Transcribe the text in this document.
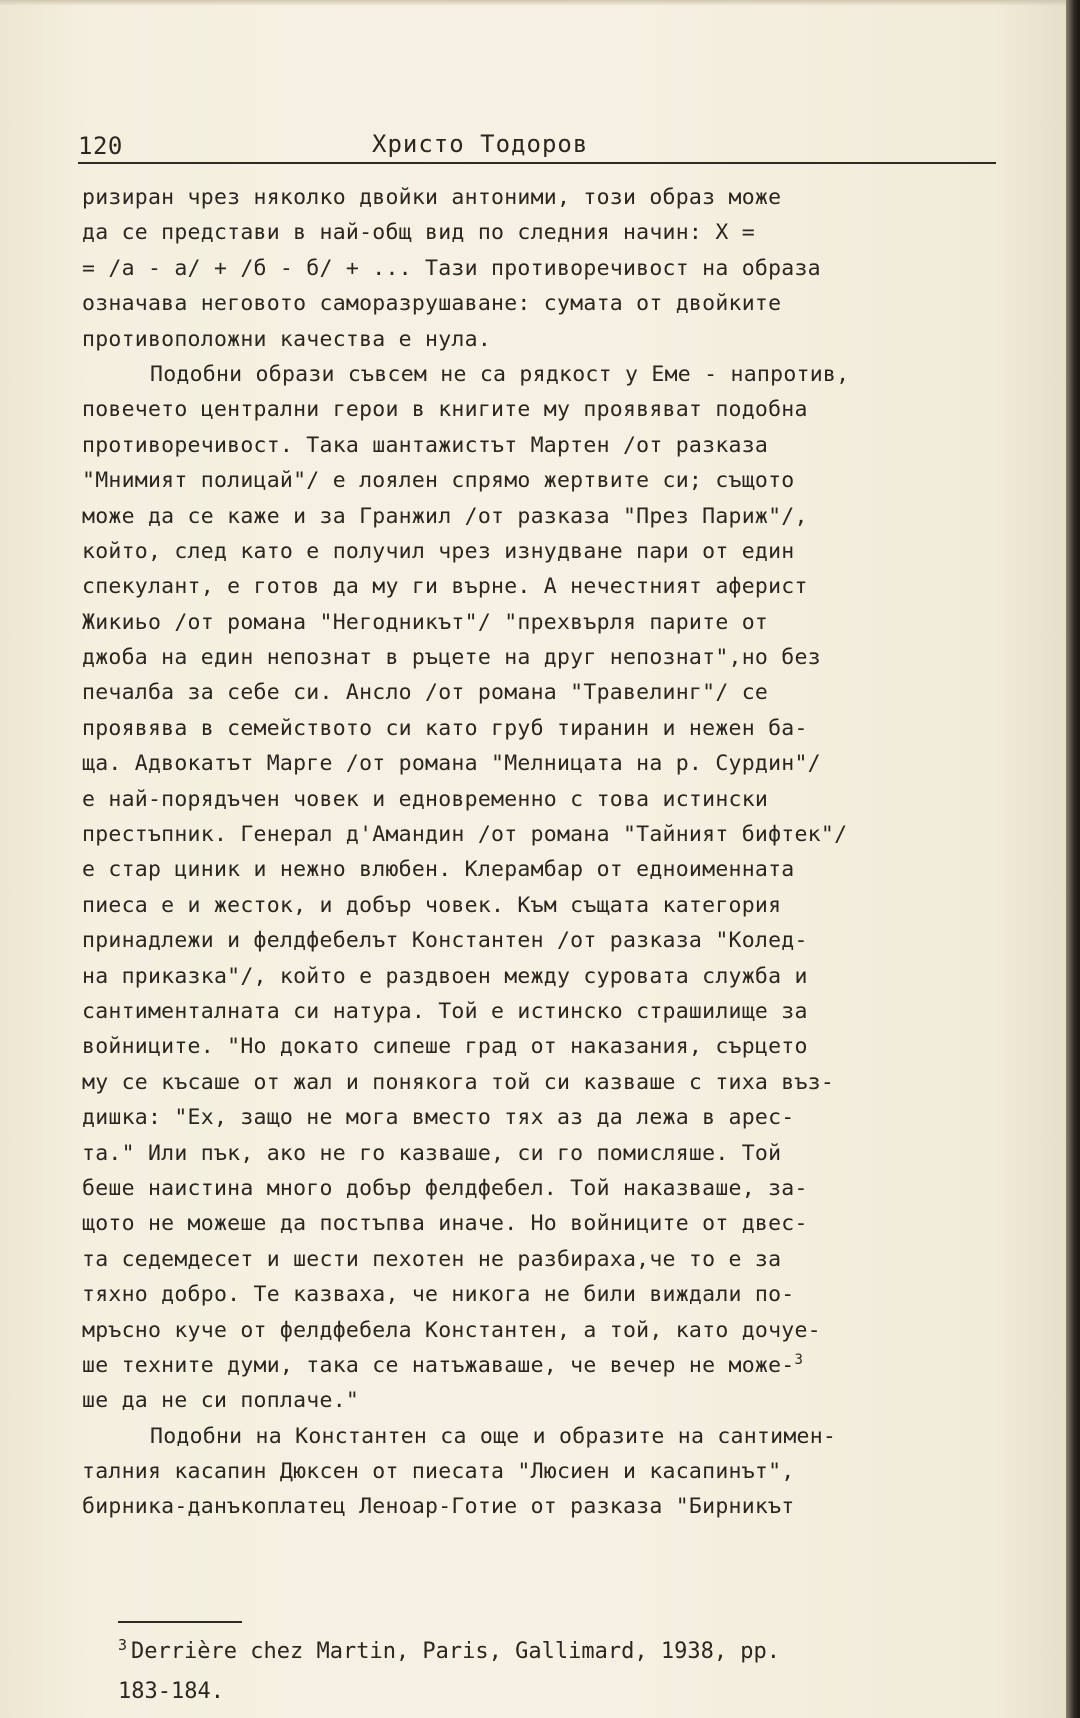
120	Христо Тодоров
ризиран чрез няколко двойки антоними, този образ може
да се представи в най-общ вид по следния начин: X =
= /а - а/ + /б - б/ + ... Тази противоречивост на образа
означава неговото саморазрушаване: сумата от двойките
противоположни качества е нула.
Подобни образи съвсем не са рядкост у Еме - напротив,
повечето централни герои в книгите му проявяват подобна
противоречивост. Така шантажистът Мартен /от разказа
"Мнимият полицай"/ е лоялен спрямо жертвите си; същото
може да се каже и за Гранжил /от разказа "През Париж"/,
който, след като е получил чрез изнудване пари от един
спекулант, е готов да му ги върне. А нечестният аферист
Жикиьо /от романа "Негодникът"/ "прехвърля парите от
джоба на един непознат в ръцете на друг непознат",но без
печалба за себе си. Ансло /от романа "Травелинг"/ се
проявява в семейството си като груб тиранин и нежен ба-
ща. Адвокатът Марге /от романа "Мелницата на р. Сурдин"/
е най-порядъчен човек и едновременно с това истински
престъпник. Генерал д'Амандин /от романа "Тайният бифтек"/
е стар циник и нежно влюбен. Клерамбар от едноименната
пиеса е и жесток, и добър човек. Към същата категория
принадлежи и фелдфебелът Константен /от разказа "Колед-
на приказка"/, който е раздвоен между суровата служба и
сантименталната си натура. Той е истинско страшилище за
войниците. "Но докато сипеше град от наказания, сърцето
му се късаше от жал и понякога той си казваше с тиха въз-
дишка: "Ех, защо не мога вместо тях аз да лежа в арес-
та." Или пък, ако не го казваше, си го помисляше. Той
беше наистина много добър фелдфебел. Той наказваше, за-
щото не можеше да постъпва иначе. Но войниците от двес-
та седемдесет и шести пехотен не разбираха,че то е за
тяхно добро. Те казваха, че никога не били виждали по-
мръсно куче от фелдфебела Константен, а той, като дочуе-
ше техните думи, така се натъжаваше, че вечер не може-$^3$
ше да не си поплаче."
Подобни на Константен са още и образите на сантимен-
талния касапин Дюксен от пиесата "Люсиен и касапинът",
бирника-данъкоплатец Леноар-Готие от разказа "Бирникът
$^3$ Derrière chez Martin, Paris, Gallimard, 1938, pp.
183-184.
